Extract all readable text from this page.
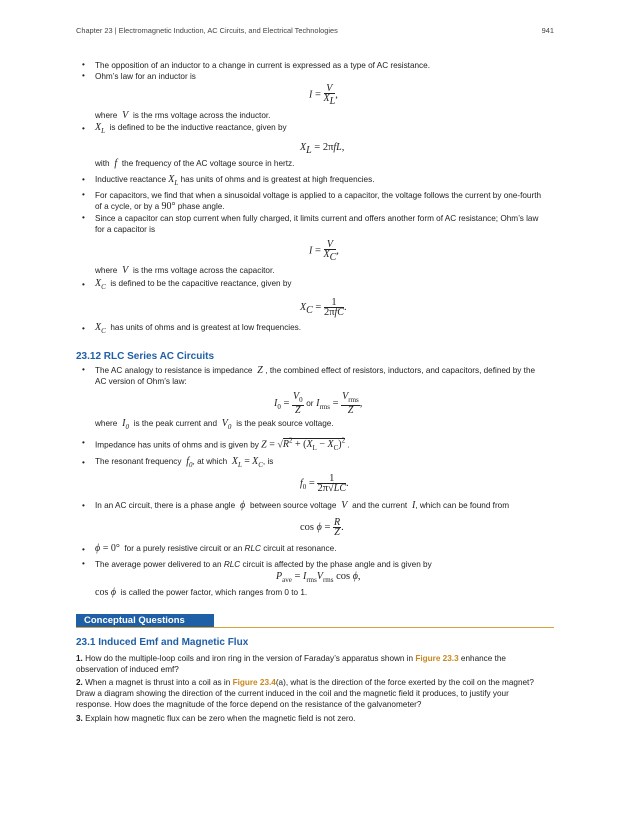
Chapter 23 | Electromagnetic Induction, AC Circuits, and Electrical Technologies	941
• The opposition of an inductor to a change in current is expressed as a type of AC resistance.
• Ohm’s law for an inductor is
$I = \frac{V}{X_L}$ ,
where  V  is the rms voltage across the inductor.
• $X_L$ is defined to be the inductive reactance, given by
$X_L = 2\pi fL$,
with  f  the frequency of the AC voltage source in hertz.
• Inductive reactance $X_L$ has units of ohms and is greatest at high frequencies.
• For capacitors, we find that when a sinusoidal voltage is applied to a capacitor, the voltage follows the current by one-fourth
of a cycle, or by a 90° phase angle.
• Since a capacitor can stop current when fully charged, it limits current and offers another form of AC resistance; Ohm’s law
for a capacitor is
$I = \frac{V}{X_C}$ ,
where  V  is the rms voltage across the capacitor.
• $X_C$ is defined to be the capacitive reactance, given by
$X_C = \frac{1}{\text{2πfC}}$ .
• $X_C$ has units of ohms and is greatest at low frequencies.
23.12 RLC Series AC Circuits
• The AC analogy to resistance is impedance  Z , the combined effect of resistors, inductors, and capacitors, defined by the
AC version of Ohm’s law:
$I_0 = \frac{V_0}{Z}$ or $I_{rms} = \frac{V_{rms}}{Z}$ ,
where  $I_0$ is the peak current and  $V_0$ is the peak source voltage.
• Impedance has units of ohms and is given by $Z = √R^2 + (X_L - X_C)^2$ .
• The resonant frequency  $f_0$, at which  $X_L = X_C$, is
$f_0 = \frac{1}{2\pi√LC}$ .
• In an AC circuit, there is a phase angle  ϕ  between source voltage  V  and the current  I, which can be found from
$\cos \phi = \frac{R}{Z}$ .
• ϕ = 0° for a purely resistive circuit or an RLC circuit at resonance.
• The average power delivered to an RLC circuit is affected by the phase angle and is given by
$P_{ave} = I_{rms}V_{rms}$ cos ϕ,
cos ϕ is called the power factor, which ranges from 0 to 1.
Conceptual Questions
23.1 Induced Emf and Magnetic Flux
1. How do the multiple-loop coils and iron ring in the version of Faraday’s apparatus shown in Figure 23.3 enhance the
observation of induced emf?
2. When a magnet is thrust into a coil as in Figure 23.4(a), what is the direction of the force exerted by the coil on the magnet?
Draw a diagram showing the direction of the current induced in the coil and the magnetic field it produces, to justify your
response. How does the magnitude of the force depend on the resistance of the galvanometer?
3. Explain how magnetic flux can be zero when the magnetic field is not zero.
